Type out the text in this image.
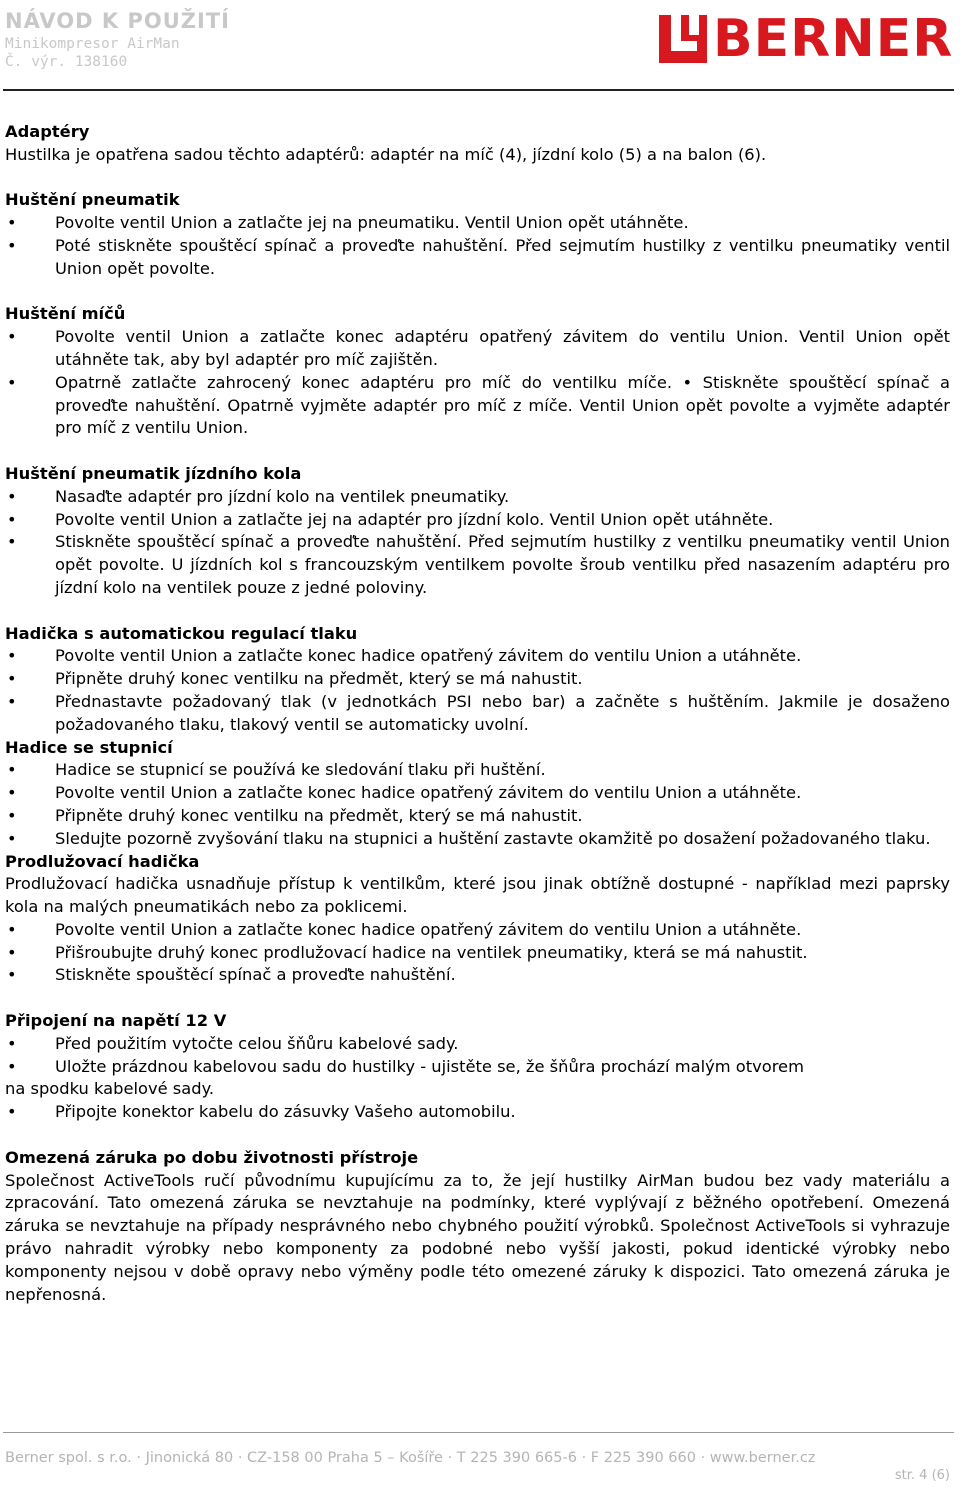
NÁVOD K POUŽITÍ
Minikompresor AirMan
Č. výr. 138160	BERNER
Adaptéry
Hustilka je opatřena sadou těchto adaptérů: adaptér na míč (4), jízdní kolo (5) a na balon (6).
Huštění pneumatik
• Povolte ventil Union a zatlačte jej na pneumatiku. Ventil Union opět utáhněte.
• Poté stiskněte spouštěcí spínač a proveďte nahuštění. Před sejmutím hustilky z ventilku pneumatiky ventil Union opět povolte.
Huštění míčů
• Povolte ventil Union a zatlačte konec adaptéru opatřený závitem do ventilu Union. Ventil Union opět utáhněte tak, aby byl adaptér pro míč zajištěn.
• Opatrně zatlačte zahrocený konec adaptéru pro míč do ventilku míče. • Stiskněte spouštěcí spínač a proveďte nahuštění. Opatrně vyjměte adaptér pro míč z míče. Ventil Union opět povolte a vyjměte adaptér pro míč z ventilu Union.
Huštění pneumatik jízdního kola
• Nasaďte adaptér pro jízdní kolo na ventilek pneumatiky.
• Povolte ventil Union a zatlačte jej na adaptér pro jízdní kolo. Ventil Union opět utáhněte.
• Stiskněte spouštěcí spínač a proveďte nahuštění. Před sejmutím hustilky z ventilku pneumatiky ventil Union opět povolte. U jízdních kol s francouzským ventilkem povolte šroub ventilku před nasazením adaptéru pro jízdní kolo na ventilek pouze z jedné poloviny.
Hadička s automatickou regulací tlaku
• Povolte ventil Union a zatlačte konec hadice opatřený závitem do ventilu Union a utáhněte.
• Připněte druhý konec ventilku na předmět, který se má nahustit.
• Přednastavte požadovaný tlak (v jednotkách PSI nebo bar) a začněte s huštěním. Jakmile je dosaženo požadovaného tlaku, tlakový ventil se automaticky uvolní.
Hadice se stupnicí
• Hadice se stupnicí se používá ke sledování tlaku při huštění.
• Povolte ventil Union a zatlačte konec hadice opatřený závitem do ventilu Union a utáhněte.
• Připněte druhý konec ventilku na předmět, který se má nahustit.
• Sledujte pozorně zvyšování tlaku na stupnici a huštění zastavte okamžitě po dosažení požadovaného tlaku.
Prodlužovací hadička
Prodlužovací hadička usnadňuje přístup k ventilkům, které jsou jinak obtížně dostupné - například mezi paprsky kola na malých pneumatikách nebo za poklicemi.
• Povolte ventil Union a zatlačte konec hadice opatřený závitem do ventilu Union a utáhněte.
• Přišroubujte druhý konec prodlužovací hadice na ventilek pneumatiky, která se má nahustit.
• Stiskněte spouštěcí spínač a proveďte nahuštění.
Připojení na napětí 12 V
• Před použitím vytočte celou šňůru kabelové sady.
• Uložte prázdnou kabelovou sadu do hustilky - ujistěte se, že šňůra prochází malým otvorem
na spodku kabelové sady.
• Připojte konektor kabelu do zásuvky Vašeho automobilu.
Omezená záruka po dobu životnosti přístroje
Společnost ActiveTools ručí původnímu kupujícímu za to, že její hustilky AirMan budou bez vady materiálu a zpracování. Tato omezená záruka se nevztahuje na podmínky, které vyplývají z běžného opotřebení. Omezená záruka se nevztahuje na případy nesprávného nebo chybného použití výrobků. Společnost ActiveTools si vyhrazuje právo nahradit výrobky nebo komponenty za podobné nebo vyšší jakosti, pokud identické výrobky nebo komponenty nejsou v době opravy nebo výměny podle této omezené záruky k dispozici. Tato omezená záruka je nepřenosná.
Berner spol. s r.o. · Jinonická 80 · CZ-158 00 Praha 5 – Košíře · T 225 390 665-6 · F 225 390 660 · www.berner.cz
str. 4 (6)
